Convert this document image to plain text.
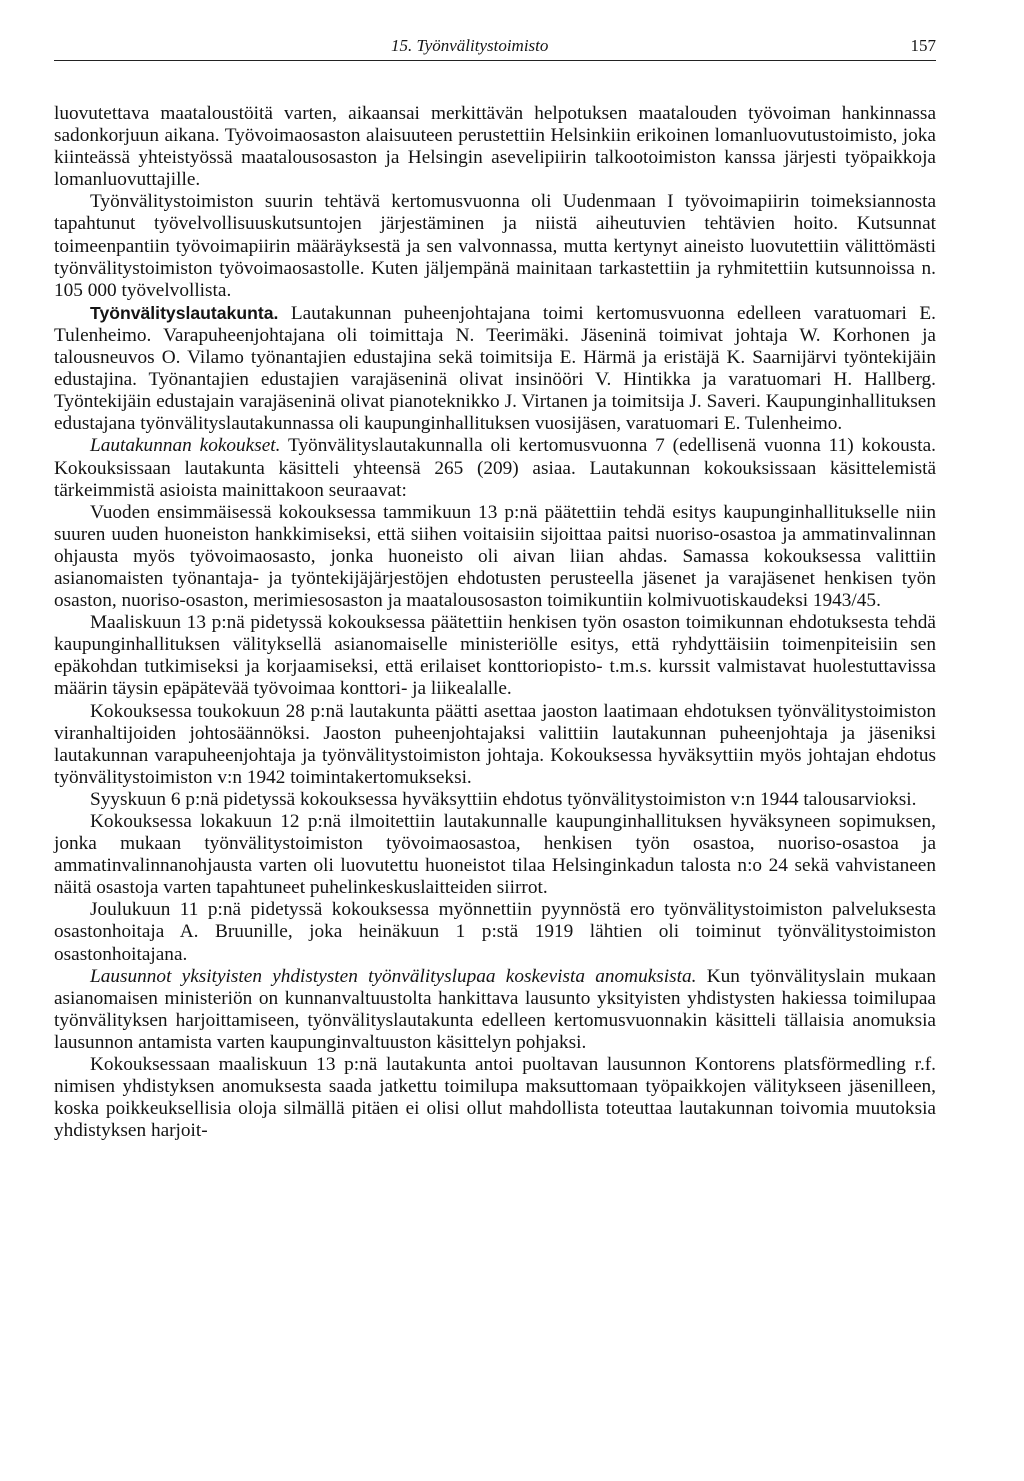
15. Työnvälitystoimisto	157

luovutettava maataloustöitä varten, aikaansai merkittävän helpotuksen maatalouden työvoiman hankinnassa sadonkorjuun aikana. Työvoimaosaston alaisuuteen perustettiin Helsinkiin erikoinen lomanluovutustoimisto, joka kiinteässä yhteistyössä maatalousosaston ja Helsingin asevelipiirin talkootoimiston kanssa järjesti työpaikkoja lomanluovuttajille.

Työnvälitystoimiston suurin tehtävä kertomusvuonna oli Uudenmaan I työvoimapiirin toimeksiannosta tapahtunut työvelvollisuuskutsuntojen järjestäminen ja niistä aiheutuvien tehtävien hoito. Kutsunnat toimeenpantiin työvoimapiirin määräyksestä ja sen valvonnassa, mutta kertynyt aineisto luovutettiin välittömästi työnvälitystoimiston työvoimaosastolle. Kuten jäljempänä mainitaan tarkastettiin ja ryhmitettiin kutsunnoissa n. 105 000 työvelvollista.

Työnvälityslautakunta. Lautakunnan puheenjohtajana toimi kertomusvuonna edelleen varatuomari E. Tulenheimo. Varapuheenjohtajana oli toimittaja N. Teerimäki. Jäseninä toimivat johtaja W. Korhonen ja talousneuvos O. Vilamo työnantajien edustajina sekä toimitsija E. Härmä ja eristäjä K. Saarnijärvi työntekijäin edustajina. Työnantajien edustajien varajäseninä olivat insinööri V. Hintikka ja varatuomari H. Hallberg. Työntekijäin edustajain varajäseninä olivat pianoteknikko J. Virtanen ja toimitsija J. Saveri. Kaupunginhallituksen edustajana työnvälityslautakunnassa oli kaupunginhallituksen vuosijäsen, varatuomari E. Tulenheimo.

Lautakunnan kokoukset. Työnvälityslautakunnalla oli kertomusvuonna 7 (edellisenä vuonna 11) kokousta. Kokouksissaan lautakunta käsitteli yhteensä 265 (209) asiaa. Lautakunnan kokouksissaan käsittelemistä tärkeimmistä asioista mainittakoon seuraavat:

Vuoden ensimmäisessä kokouksessa tammikuun 13 p:nä päätettiin tehdä esitys kaupunginhallitukselle niin suuren uuden huoneiston hankkimiseksi, että siihen voitaisiin sijoittaa paitsi nuoriso-osastoa ja ammatinvalinnan ohjausta myös työvoimaosasto, jonka huoneisto oli aivan liian ahdas. Samassa kokouksessa valittiin asianomaisten työnantaja- ja työntekijäjärjestöjen ehdotusten perusteella jäsenet ja varajäsenet henkisen työn osaston, nuoriso-osaston, merimiesosaston ja maatalousosaston toimikuntiin kolmivuotiskaudeksi 1943/45.

Maaliskuun 13 p:nä pidetyssä kokouksessa päätettiin henkisen työn osaston toimikunnan ehdotuksesta tehdä kaupunginhallituksen välityksellä asianomaiselle ministeriölle esitys, että ryhdyttäisiin toimenpiteisiin sen epäkohdan tutkimiseksi ja korjaamiseksi, että erilaiset konttoriopisto- t.m.s. kurssit valmistavat huolestuttavissa määrin täysin epäpätevää työvoimaa konttori- ja liikealalle.

Kokouksessa toukokuun 28 p:nä lautakunta päätti asettaa jaoston laatimaan ehdotuksen työnvälitystoimiston viranhaltijoiden johtosäännöksi. Jaoston puheenjohtajaksi valittiin lautakunnan puheenjohtaja ja jäseniksi lautakunnan varapuheenjohtaja ja työnvälitystoimiston johtaja. Kokouksessa hyväksyttiin myös johtajan ehdotus työnvälitystoimiston v:n 1942 toimintakertomukseksi.

Syyskuun 6 p:nä pidetyssä kokouksessa hyväksyttiin ehdotus työnvälitystoimiston v:n 1944 talousarvioksi.

Kokouksessa lokakuun 12 p:nä ilmoitettiin lautakunnalle kaupunginhallituksen hyväksyneen sopimuksen, jonka mukaan työnvälitystoimiston työvoimaosastoa, henkisen työn osastoa, nuoriso-osastoa ja ammatinvalinnanohjausta varten oli luovutettu huoneistot tilaa Helsinginkadun talosta n:o 24 sekä vahvistaneen näitä osastoja varten tapahtuneet puhelinkeskuslaitteiden siirrot.

Joulukuun 11 p:nä pidetyssä kokouksessa myönnettiin pyynnöstä ero työnvälitystoimiston palveluksesta osastonhoitaja A. Bruunille, joka heinäkuun 1 p:stä 1919 lähtien oli toiminut työnvälitystoimiston osastonhoitajana.

Lausunnot yksityisten yhdistysten työnvälityslupaa koskevista anomuksista. Kun työnvälityslain mukaan asianomaisen ministeriön on kunnanvaltuustolta hankittava lausunto yksityisten yhdistysten hakiessa toimilupaa työnvälityksen harjoittamiseen, työnvälityslautakunta edelleen kertomusvuonnakin käsitteli tällaisia anomuksia lausunnon antamista varten kaupunginvaltuuston käsittelyn pohjaksi.

Kokouksessaan maaliskuun 13 p:nä lautakunta antoi puoltavan lausunnon Kontorens platsförmedling r.f. nimisen yhdistyksen anomuksesta saada jatkettu toimilupa maksuttomaan työpaikkojen välitykseen jäsenilleen, koska poikkeuksellisia oloja silmällä pitäen ei olisi ollut mahdollista toteuttaa lautakunnan toivomia muutoksia yhdistyksen harjoit-
